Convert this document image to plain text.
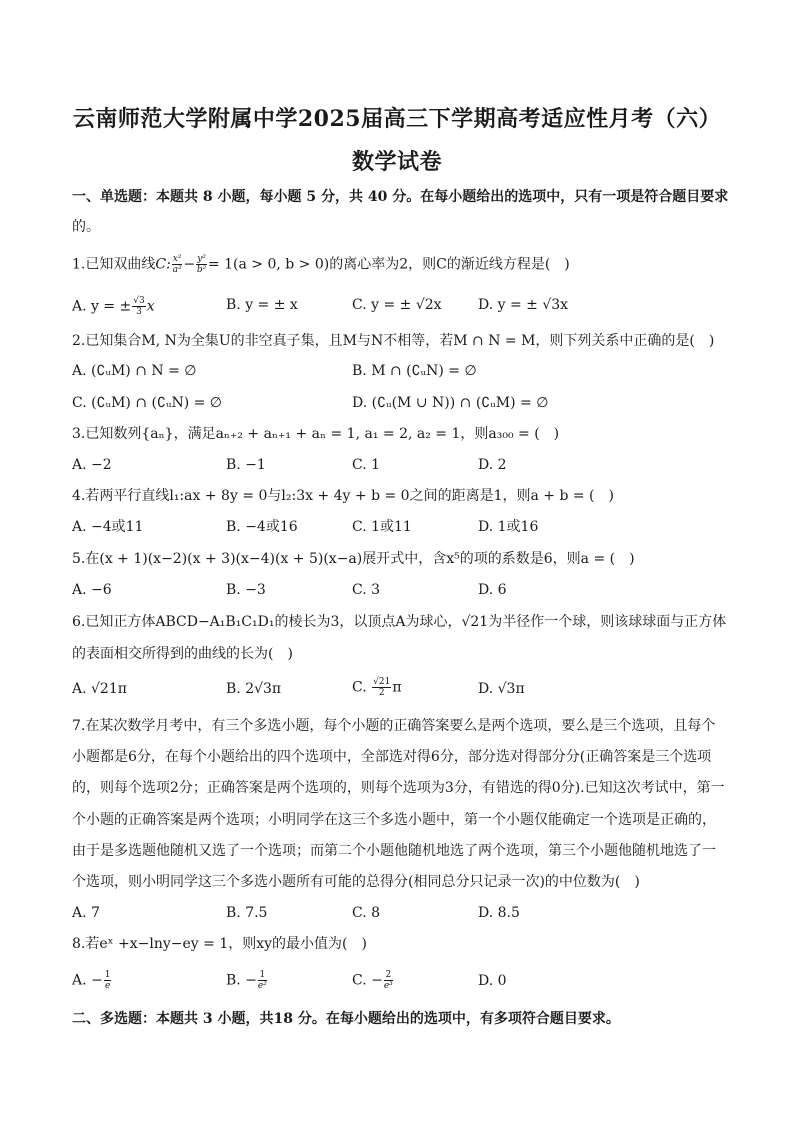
云南师范大学附属中学2025届高三下学期高考适应性月考（六）
数学试卷
一、单选题：本题共 8 小题，每小题 5 分，共 40 分。在每小题给出的选项中，只有一项是符合题目要求
的。
1.已知双曲线C: $\frac{\text{x²}}{\text{a²}} - \frac{\text{y²}}{\text{b²}} = 1(a > 0$, b > 0)的离心率为2，则C的渐近线方程是(　)
A. y = ± $\frac{√3}{3}$ x	B. y = ± x	C. y = ± √2x	D. y = ± √3x
2.已知集合M, N为全集U的非空真子集，且M与N不相等，若M ∩ N = M，则下列关系中正确的是(　)
A. (∁ᵤM) ∩ N = ∅	B. M ∩ (∁ᵤN) = ∅
C. (∁ᵤM) ∩ (∁ᵤN) = ∅	D. (∁ᵤ(M ∪ N)) ∩ (∁ᵤM) = ∅
3.已知数列{aₙ}，满足aₙ₊₂ + aₙ₊₁ + aₙ = 1, a₁ = 2, a₂ = 1，则a₃₀₀ = (　)
A. −2	B. −1	C. 1	D. 2
4.若两平行直线l₁:ax + 8y = 0与l₂:3x + 4y + b = 0之间的距离是1，则a + b = (　)
A. −4或11	B. −4或16	C. 1或11	D. 1或16
5.在(x + 1)(x−2)(x + 3)(x−4)(x + 5)(x−a)展开式中，含x⁵的项的系数是6，则a = (　)
A. −6	B. −3	C. 3	D. 6
6.已知正方体ABCD−A₁B₁C₁D₁的棱长为3，以顶点A为球心，√21为半径作一个球，则该球球面与正方体
的表面相交所得到的曲线的长为(　)
A. √21π	B. 2√3π	C. $\frac{√21}{2}$ π	D. √3π
7.在某次数学月考中，有三个多选小题，每个小题的正确答案要么是两个选项，要么是三个选项，且每个
小题都是6分，在每个小题给出的四个选项中，全部选对得6分，部分选对得部分分(正确答案是三个选项
的，则每个选项2分；正确答案是两个选项的，则每个选项为3分，有错选的得0分).已知这次考试中，第一
个小题的正确答案是两个选项；小明同学在这三个多选小题中，第一个小题仅能确定一个选项是正确的，
由于是多选题他随机又选了一个选项；而第二个小题他随机地选了两个选项，第三个小题他随机地选了一
个选项，则小明同学这三个多选小题所有可能的总得分(相同总分只记录一次)的中位数为(　)
A. 7	B. 7.5	C. 8	D. 8.5
8.若eˣ +x−lny−ey = 1，则xy的最小值为(　)
A. − $\frac{1}{e}$	B. − $\frac{1}{\text{e²}}$	C. − $\frac{2}{\text{e³}}$	D. 0
二、多选题：本题共 3 小题，共18 分。在每小题给出的选项中，有多项符合题目要求。
